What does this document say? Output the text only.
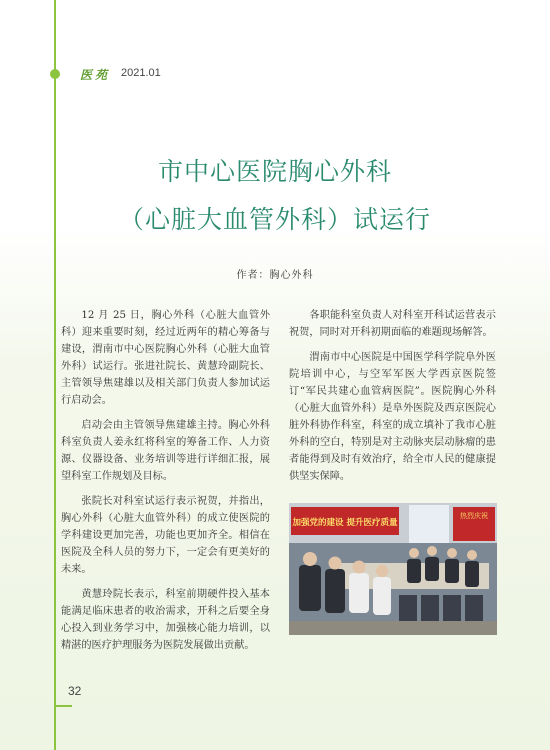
医苑 2021.01
市中心医院胸心外科
（心脏大血管外科）试运行
作者：胸心外科

12 月 25 日，胸心外科（心脏大血管外科）迎来重要时刻，经过近两年的精心筹备与建设，渭南市中心医院胸心外科（心脏大血管外科）试运行。张进社院长、黄慧玲副院长、主管领导焦建雄以及相关部门负责人参加试运行启动会。

启动会由主管领导焦建雄主持。胸心外科科室负责人姜永红将科室的筹备工作、人力资源、仪器设备、业务培训等进行详细汇报，展望科室工作规划及目标。

张院长对科室试运行表示祝贺，并指出，胸心外科（心脏大血管外科）的成立使医院的学科建设更加完善，功能也更加齐全。相信在医院及全科人员的努力下，一定会有更美好的未来。

黄慧玲院长表示，科室前期硬件投入基本能满足临床患者的收治需求，开科之后要全身心投入到业务学习中，加强核心能力培训，以精湛的医疗护理服务为医院发展做出贡献。

各职能科室负责人对科室开科试运营表示祝贺，同时对开科初期面临的难题现场解答。

渭南市中心医院是中国医学科学院阜外医院培训中心，与空军军医大学西京医院签订“军民共建心血管病医院”。医院胸心外科（心脏大血管外科）是阜外医院及西京医院心脏外科协作科室，科室的成立填补了我市心脏外科的空白，特别是对主动脉夹层动脉瘤的患者能得到及时有效治疗，给全市人民的健康提供坚实保障。

加强党的建设 提升医疗质量
热烈庆祝
32
